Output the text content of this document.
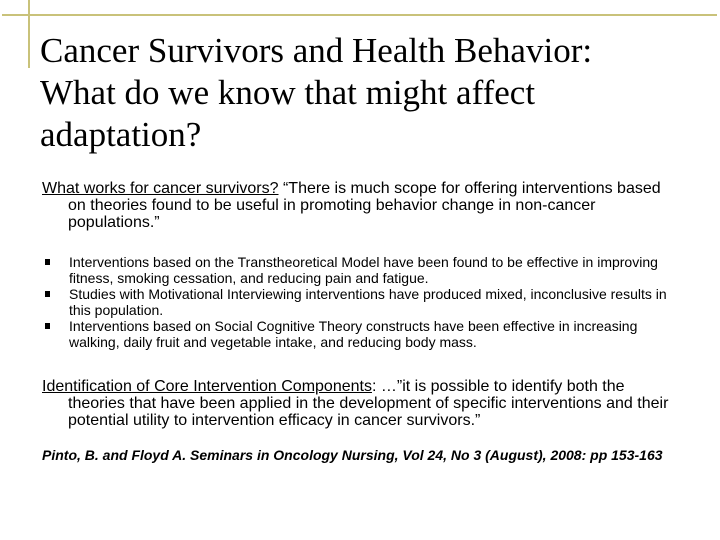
Cancer Survivors and Health Behavior:
What do we know that might affect adaptation?

What works for cancer survivors? “There is much scope for offering interventions based on theories found to be useful in promoting behavior change in non-cancer populations.”

Interventions based on the Transtheoretical Model have been found to be effective in improving fitness, smoking cessation, and reducing pain and fatigue.
Studies with Motivational Interviewing interventions have produced mixed, inconclusive results in this population.
Interventions based on Social Cognitive Theory constructs have been effective in increasing walking, daily fruit and vegetable intake, and reducing body mass.

Identification of Core Intervention Components: …”it is possible to identify both the theories that have been applied in the development of specific interventions and their potential utility to intervention efficacy in cancer survivors.”

Pinto, B. and Floyd A. Seminars in Oncology Nursing, Vol 24, No 3 (August), 2008: pp 153-163
